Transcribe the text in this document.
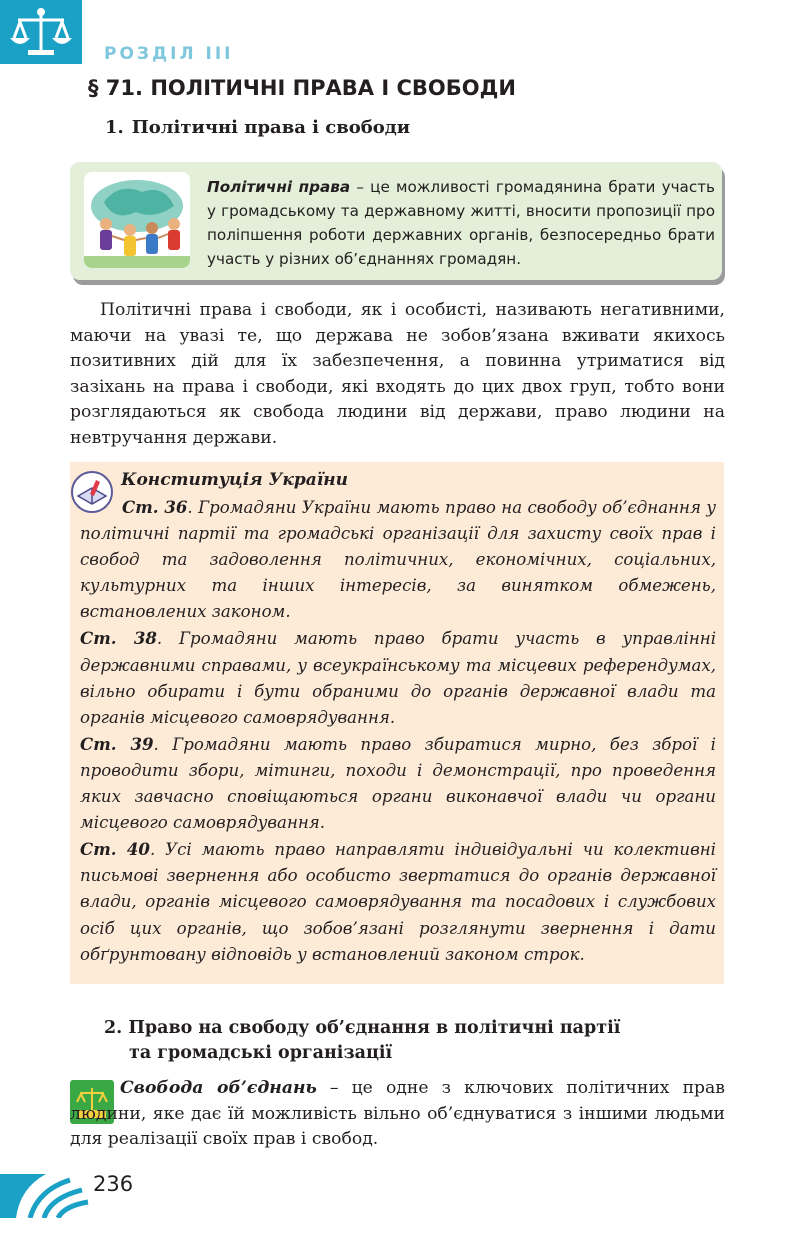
РОЗДІЛ III
§ 71. ПОЛІТИЧНІ ПРАВА І СВОБОДИ
1. Політичні права і свободи

Політичні права – це можливості громадянина брати участь у громадському та державному житті, вносити пропозиції про поліпшення роботи державних органів, безпосередньо брати участь у різних об’єднаннях громадян.

Політичні права і свободи, як і особисті, називають негативними, маючи на увазі те, що держава не зобов’язана вживати якихось позитивних дій для їх забезпечення, а повинна утриматися від зазіхань на права і свободи, які входять до цих двох груп, тобто вони розглядаються як свобода людини від держави, право людини на невтручання держави.

Конституція України

Ст. 36. Громадяни України мають право на свободу об’єднання у політичні партії та громадські організації для захисту своїх прав і свобод та задоволення політичних, економічних, соціальних, культурних та інших інтересів, за винятком обмежень, встановлених законом.

Ст. 38. Громадяни мають право брати участь в управлінні державними справами, у всеукраїнському та місцевих референдумах, вільно обирати і бути обраними до органів державної влади та органів місцевого самоврядування.

Ст. 39. Громадяни мають право збиратися мирно, без зброї і проводити збори, мітинги, походи і демонстрації, про проведення яких завчасно сповіщаються органи виконавчої влади чи органи місцевого самоврядування.

Ст. 40. Усі мають право направляти індивідуальні чи колективні письмові звернення або особисто звертатися до органів державної влади, органів місцевого самоврядування та посадових і службових осіб цих органів, що зобов’язані розглянути звернення і дати обґрунтовану відповідь у встановлений законом строк.

2. Право на свободу об’єднання в політичні партії
та громадські організації

Свобода об’єднань – це одне з ключових політичних прав людини, яке дає їй можливість вільно об’єднуватися з іншими людьми для реалізації своїх прав і свобод.

236
